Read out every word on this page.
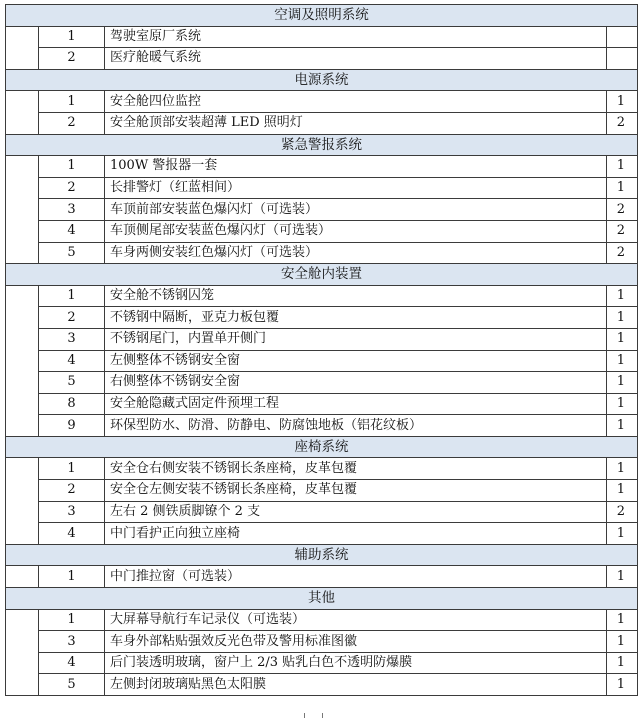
空调及照明系统			
	1	驾驶室原厂系统	
	2	医疗舱暖气系统	
电源系统			
	1	安全舱四位监控	1
	2	安全舱顶部安装超薄 LED 照明灯	2
紧急警报系统			
	1	100W 警报器一套	1
	2	长排警灯（红蓝相间）	1
	3	车顶前部安装蓝色爆闪灯（可选装）	2
	4	车顶侧尾部安装蓝色爆闪灯（可选装）	2
	5	车身两侧安装红色爆闪灯（可选装）	2
安全舱内装置			
	1	安全舱不锈钢囚笼	1
	2	不锈钢中隔断，亚克力板包覆	1
	3	不锈钢尾门，内置单开侧门	1
	4	左侧整体不锈钢安全窗	1
	5	右侧整体不锈钢安全窗	1
	8	安全舱隐藏式固定件预埋工程	1
	9	环保型防水、防滑、防静电、防腐蚀地板（铝花纹板）	1
座椅系统			
	1	安全仓右侧安装不锈钢长条座椅，皮革包覆	1
	2	安全仓左侧安装不锈钢长条座椅，皮革包覆	1
	3	左右 2 侧铁质脚镣个 2 支	2
	4	中门看护正向独立座椅	1
辅助系统			
	1	中门推拉窗（可选装）	1
其他			
	1	大屏幕导航行车记录仪（可选装）	1
	3	车身外部粘贴强效反光色带及警用标准图徽	1
	4	后门装透明玻璃，窗户上 2/3 贴乳白色不透明防爆膜	1
	5	左侧封闭玻璃贴黑色太阳膜	1
